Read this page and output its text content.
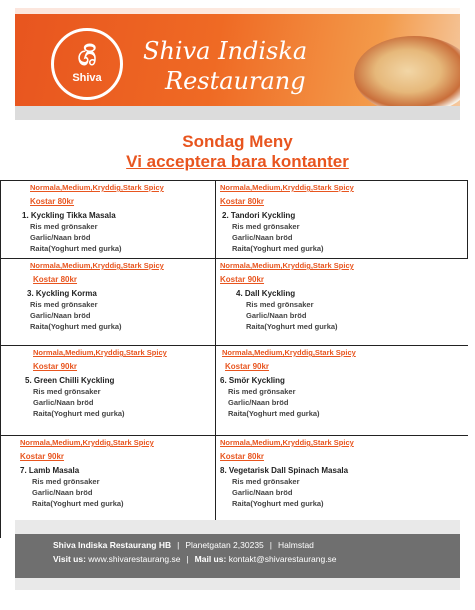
ශි
Shiva
Shiva Indiska
Restaurang
Sondag Meny
Vi acceptera bara kontanter
Normala,Medium,Kryddig,Stark Spicy
Kostar 80kr
1. Kyckling Tikka Masala
Ris med grönsaker
Garlic/Naan bröd
Raita(Yoghurt med gurka)
Normala,Medium,Kryddig,Stark Spicy
Kostar 80kr
2. Tandori Kyckling
Ris med grönsaker
Garlic/Naan bröd
Raita(Yoghurt med gurka)
Normala,Medium,Kryddig,Stark Spicy
Kostar 80kr
3. Kyckling Korma
Ris med grönsaker
Garlic/Naan bröd
Raita(Yoghurt med gurka)
Normala,Medium,Kryddig,Stark Spicy
Kostar 90kr
4. Dall Kyckling
Ris med grönsaker
Garlic/Naan bröd
Raita(Yoghurt med gurka)
Normala,Medium,Kryddig,Stark Spicy
Kostar 90kr
5. Green Chilli Kyckling
Ris med grönsaker
Garlic/Naan bröd
Raita(Yoghurt med gurka)
Normala,Medium,Kryddig,Stark Spicy
Kostar 90kr
6. Smör Kyckling
Ris med grönsaker
Garlic/Naan bröd
Raita(Yoghurt med gurka)
Normala,Medium,Kryddig,Stark Spicy
Kostar 90kr
7. Lamb Masala
Ris med grönsaker
Garlic/Naan bröd
Raita(Yoghurt med gurka)
Normala,Medium,Kryddig,Stark Spicy
Kostar 80kr
8. Vegetarisk Dall Spinach Masala
Ris med grönsaker
Garlic/Naan bröd
Raita(Yoghurt med gurka)
Shiva Indiska Restaurang HB | Planetgatan 2,30235 | Halmstad
Visit us: www.shivarestaurang.se | Mail us: kontakt@shivarestaurang.se
